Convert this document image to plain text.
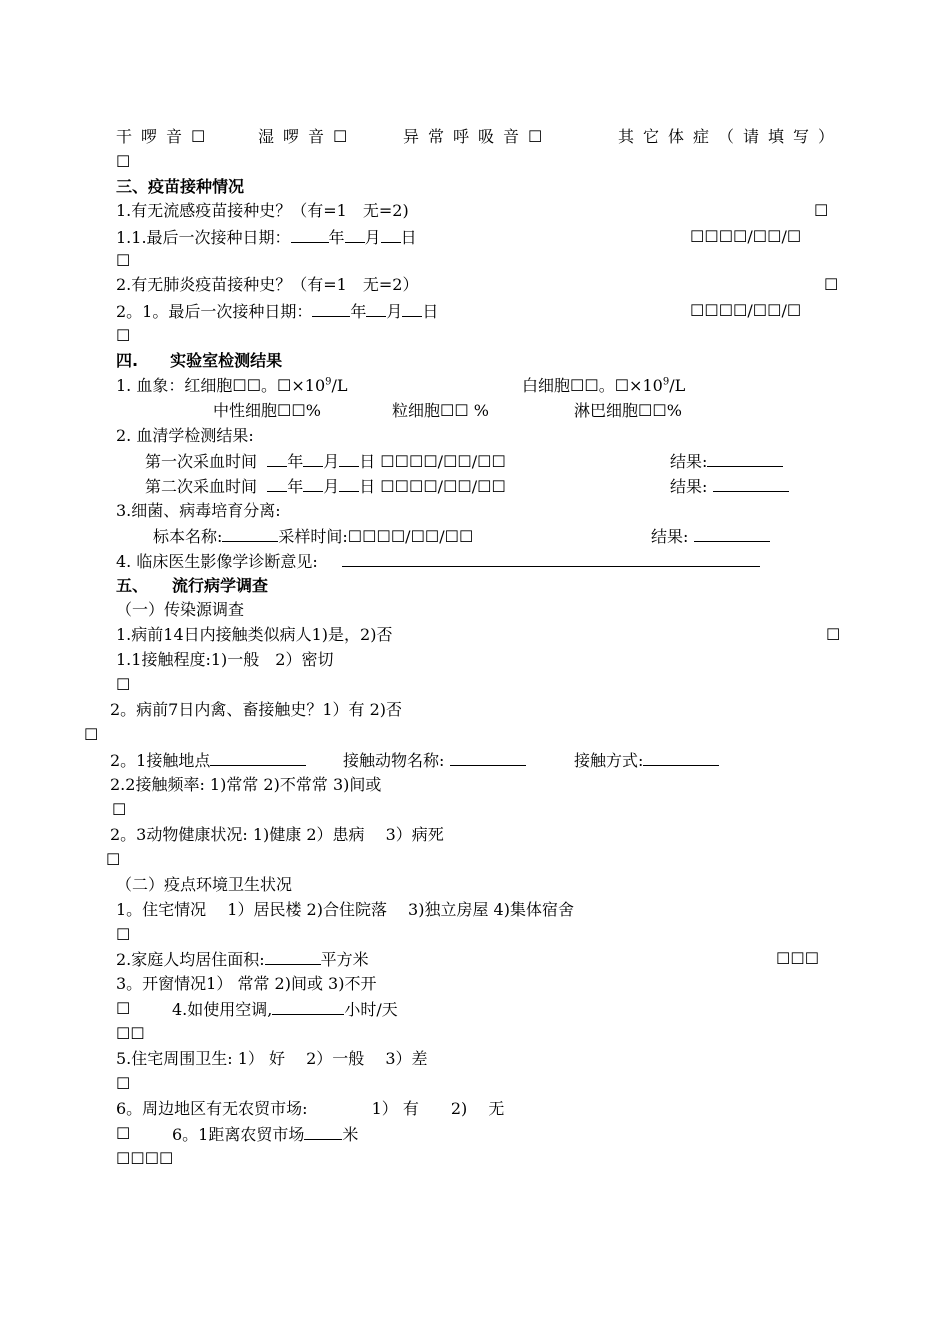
干啰音☐	湿啰音☐	异常呼吸音☐	其它体症（请填写）
☐
三、疫苗接种情况
1.有无流感疫苗接种史？（有=1　无=2)	☐
1.1.最后一次接种日期： 年 月 日	☐☐☐☐/☐☐/☐
☐
2.有无肺炎疫苗接种史？（有=1　无=2）	☐
2。1。最后一次接种日期： 年 月 日	☐☐☐☐/☐☐/☐
☐
四.　　实验室检测结果
1. 血象：红细胞☐☐。$☐\times 10^9/L$	白细胞☐☐。$☐\times 10^9/L$
中性细胞☐☐%	粒细胞☐☐ %	淋巴细胞☐☐%
2. 血清学检测结果:
第一次采血时间 年 月 日 ☐☐☐☐/☐☐/☐☐	结果:
第二次采血时间 年 月 日 ☐☐☐☐/☐☐/☐☐	结果:
3.细菌、病毒培育分离:
标本名称:	采样时间:☐☐☐☐/☐☐/☐☐	结果:
4. 临床医生影像学诊断意见:
五、　　流行病学调查
（一）传染源调查
1.病前14日内接触类似病人1)是，2)否	☐
1.1接触程度:1)一般　2）密切
☐
2。病前7日内禽、畜接触史？1）有 2)否
☐
2。1接触地点	接触动物名称:	接触方式:
2.2接触频率: 1)常常 2)不常常 3)间或
☐
2。3动物健康状况: 1)健康 2）患病　 3）病死
☐
（二）疫点环境卫生状况
1。住宅情况　 1）居民楼 2)合住院落　 3)独立房屋 4)集体宿舍
☐
2.家庭人均居住面积:	平方米	☐☐☐
3。开窗情况1） 常常 2)间或 3)不开
☐	4.如使用空调,	小时/天
☐☐
5.住宅周围卫生: 1） 好　 2）一般　 3）差
☐
6。周边地区有无农贸市场:　　　　1） 有　　2)　 无
☐	6。1距离农贸市场 米
☐☐☐☐
